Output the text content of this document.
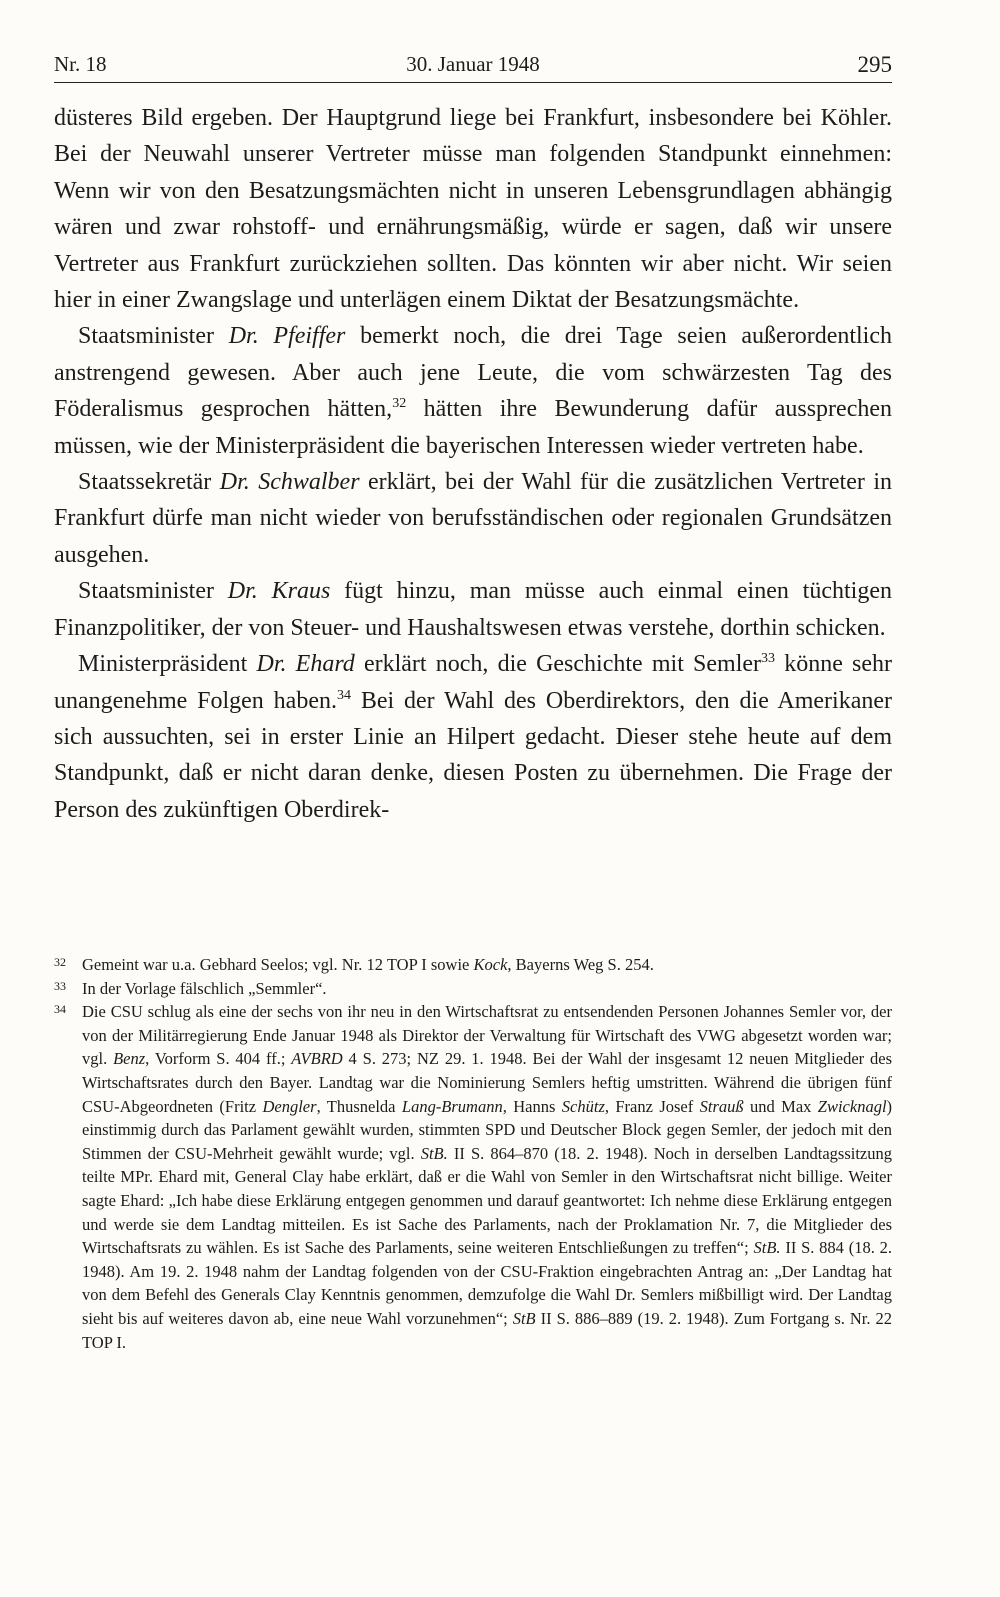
Nr. 18	30. Januar 1948	295

düsteres Bild ergeben. Der Hauptgrund liege bei Frankfurt, insbesondere bei Köhler. Bei der Neuwahl unserer Vertreter müsse man folgenden Standpunkt einnehmen: Wenn wir von den Besatzungsmächten nicht in unseren Lebensgrundlagen abhängig wären und zwar rohstoff- und ernährungsmäßig, würde er sagen, daß wir unsere Vertreter aus Frankfurt zurückziehen sollten. Das könnten wir aber nicht. Wir seien hier in einer Zwangslage und unterlägen einem Diktat der Besatzungsmächte.

Staatsminister Dr. Pfeiffer bemerkt noch, die drei Tage seien außerordentlich anstrengend gewesen. Aber auch jene Leute, die vom schwärzesten Tag des Föderalismus gesprochen hätten,$^{32}$ hätten ihre Bewunderung dafür aussprechen müssen, wie der Ministerpräsident die bayerischen Interessen wieder vertreten habe.

Staatssekretär Dr. Schwalber erklärt, bei der Wahl für die zusätzlichen Vertreter in Frankfurt dürfe man nicht wieder von berufsständischen oder regionalen Grundsätzen ausgehen.

Staatsminister Dr. Kraus fügt hinzu, man müsse auch einmal einen tüchtigen Finanzpolitiker, der von Steuer- und Haushaltswesen etwas verstehe, dorthin schicken.

Ministerpräsident Dr. Ehard erklärt noch, die Geschichte mit Semler$^{33}$ könne sehr unangenehme Folgen haben.$^{34}$ Bei der Wahl des Oberdirektors, den die Amerikaner sich aussuchten, sei in erster Linie an Hilpert gedacht. Dieser stehe heute auf dem Standpunkt, daß er nicht daran denke, diesen Posten zu übernehmen. Die Frage der Person des zukünftigen Oberdirek-

32 Gemeint war u.a. Gebhard Seelos; vgl. Nr. 12 TOP I sowie Kock, Bayerns Weg S. 254.

33 In der Vorlage fälschlich „Semmler“.

34 Die CSU schlug als eine der sechs von ihr neu in den Wirtschaftsrat zu entsendenden Personen Johannes Semler vor, der von der Militärregierung Ende Januar 1948 als Direktor der Verwaltung für Wirtschaft des VWG abgesetzt worden war; vgl. Benz, Vorform S. 404 ff.; AVBRD 4 S. 273; NZ 29. 1. 1948. Bei der Wahl der insgesamt 12 neuen Mitglieder des Wirtschaftsrates durch den Bayer. Landtag war die Nominierung Semlers heftig umstritten. Während die übrigen fünf CSU-Abgeordneten (Fritz Dengler, Thusnelda Lang-Brumann, Hanns Schütz, Franz Josef Strauß und Max Zwicknagl) einstimmig durch das Parlament gewählt wurden, stimmten SPD und Deutscher Block gegen Semler, der jedoch mit den Stimmen der CSU-Mehrheit gewählt wurde; vgl. StB. II S. 864–870 (18. 2. 1948). Noch in derselben Landtagssitzung teilte MPr. Ehard mit, General Clay habe erklärt, daß er die Wahl von Semler in den Wirtschaftsrat nicht billige. Weiter sagte Ehard: „Ich habe diese Erklärung entgegen genommen und darauf geantwortet: Ich nehme diese Erklärung entgegen und werde sie dem Landtag mitteilen. Es ist Sache des Parlaments, nach der Proklamation Nr. 7, die Mitglieder des Wirtschaftsrats zu wählen. Es ist Sache des Parlaments, seine weiteren Entschließungen zu treffen“; StB. II S. 884 (18. 2. 1948). Am 19. 2. 1948 nahm der Landtag folgenden von der CSU-Fraktion eingebrachten Antrag an: „Der Landtag hat von dem Befehl des Generals Clay Kenntnis genommen, demzufolge die Wahl Dr. Semlers mißbilligt wird. Der Landtag sieht bis auf weiteres davon ab, eine neue Wahl vorzunehmen“; StB II S. 886–889 (19. 2. 1948). Zum Fortgang s. Nr. 22 TOP I.
